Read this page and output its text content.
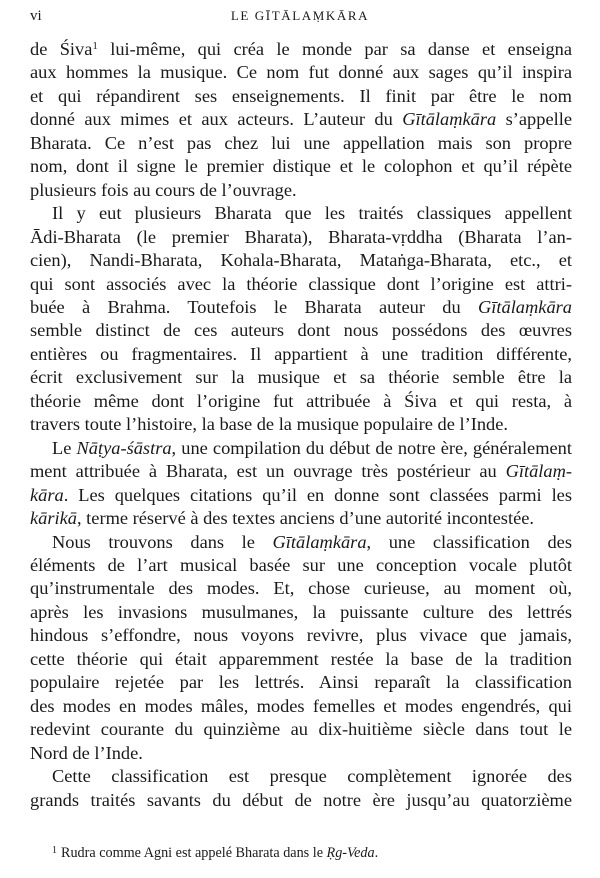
vi	LE GĪTĀLAṂKĀRA

de Śiva$^1$ lui-même, qui créa le monde par sa danse et enseigna
aux hommes la musique. Ce nom fut donné aux sages qu’il inspira
et qui répandirent ses enseignements. Il finit par être le nom
donné aux mimes et aux acteurs. L’auteur du Gītālaṃkāra s’appelle
Bharata. Ce n’est pas chez lui une appellation mais son propre
nom, dont il signe le premier distique et le colophon et qu’il répète
plusieurs fois au cours de l’ouvrage.

Il y eut plusieurs Bharata que les traités classiques appellent
Ādi-Bharata (le premier Bharata), Bharata-vṛddha (Bharata l’an-
cien), Nandi-Bharata, Kohala-Bharata, Mataṅga-Bharata, etc., et
qui sont associés avec la théorie classique dont l’origine est attri-
buée à Brahma. Toutefois le Bharata auteur du Gītālaṃkāra
semble distinct de ces auteurs dont nous possédons des œuvres
entières ou fragmentaires. Il appartient à une tradition différente,
écrit exclusivement sur la musique et sa théorie semble être la
théorie même dont l’origine fut attribuée à Śiva et qui resta, à
travers toute l’histoire, la base de la musique populaire de l’Inde.

Le Nāṭya-śāstra, une compilation du début de notre ère, généralement
ment attribuée à Bharata, est un ouvrage très postérieur au Gītālaṃ-
kāra. Les quelques citations qu’il en donne sont classées parmi les
kārikā, terme réservé à des textes anciens d’une autorité incontestée.

Nous trouvons dans le Gītālaṃkāra, une classification des
éléments de l’art musical basée sur une conception vocale plutôt
qu’instrumentale des modes. Et, chose curieuse, au moment où,
après les invasions musulmanes, la puissante culture des lettrés
hindous s’effondre, nous voyons revivre, plus vivace que jamais,
cette théorie qui était apparemment restée la base de la tradition
populaire rejetée par les lettrés. Ainsi reparaît la classification
des modes en modes mâles, modes femelles et modes engendrés, qui
redevint courante du quinzième au dix-huitième siècle dans tout le
Nord de l’Inde.

Cette classification est presque complètement ignorée des
grands traités savants du début de notre ère jusqu’au quatorzième

$^1$ Rudra comme Agni est appelé Bharata dans le Ṛg-Veda.
